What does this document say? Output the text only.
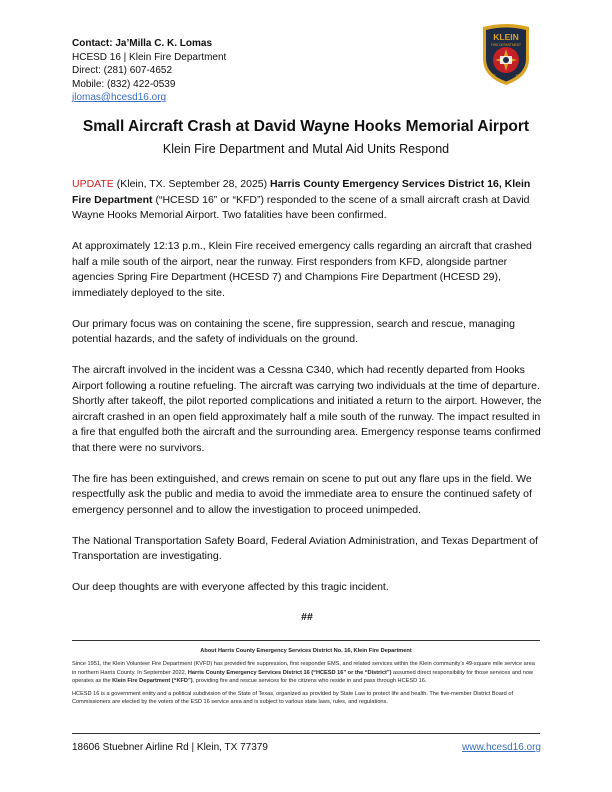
Contact: Ja’Milla C. K. Lomas
HCESD 16 | Klein Fire Department
Direct: (281) 607-4652
Mobile: (832) 422-0539
jlomas@hcesd16.org
KLEIN
FIRE DEPARTMENT
EST.	1951
Small Aircraft Crash at David Wayne Hooks Memorial Airport
Klein Fire Department and Mutal Aid Units Respond

UPDATE (Klein, TX. September 28, 2025) Harris County Emergency Services District 16, Klein Fire Department (“HCESD 16” or “KFD”) responded to the scene of a small aircraft crash at David Wayne Hooks Memorial Airport. Two fatalities have been confirmed.

At approximately 12:13 p.m., Klein Fire received emergency calls regarding an aircraft that crashed half a mile south of the airport, near the runway. First responders from KFD, alongside partner agencies Spring Fire Department (HCESD 7) and Champions Fire Department (HCESD 29), immediately deployed to the site.

Our primary focus was on containing the scene, fire suppression, search and rescue, managing potential hazards, and the safety of individuals on the ground.

The aircraft involved in the incident was a Cessna C340, which had recently departed from Hooks Airport following a routine refueling. The aircraft was carrying two individuals at the time of departure. Shortly after takeoff, the pilot reported complications and initiated a return to the airport. However, the aircraft crashed in an open field approximately half a mile south of the runway. The impact resulted in a fire that engulfed both the aircraft and the surrounding area. Emergency response teams confirmed that there were no survivors.

The fire has been extinguished, and crews remain on scene to put out any flare ups in the field. We respectfully ask the public and media to avoid the immediate area to ensure the continued safety of emergency personnel and to allow the investigation to proceed unimpeded.

The National Transportation Safety Board, Federal Aviation Administration, and Texas Department of Transportation are investigating.

Our deep thoughts are with everyone affected by this tragic incident.

##

About Harris County Emergency Services District No. 16, Klein Fire Department

Since 1951, the Klein Volunteer Fire Department (KVFD) has provided fire suppression, first responder EMS, and related services within the Klein community’s 49-square mile service area in northern Harris County. In September 2022, Harris County Emergency Services District 16 (“HCESD 16” or the “District”) assumed direct responsibility for those services and now operates as the Klein Fire Department (“KFD”), providing fire and rescue services for the citizens who reside in and pass through HCESD 16.

HCESD 16 is a government entity and a political subdivision of the State of Texas, organized as provided by State Law to protect life and health. The five-member District Board of Commissioners are elected by the voters of the ESD 16 service area and is subject to various state laws, rules, and regulations.

18606 Stuebner Airline Rd | Klein, TX 77379	www.hcesd16.org
